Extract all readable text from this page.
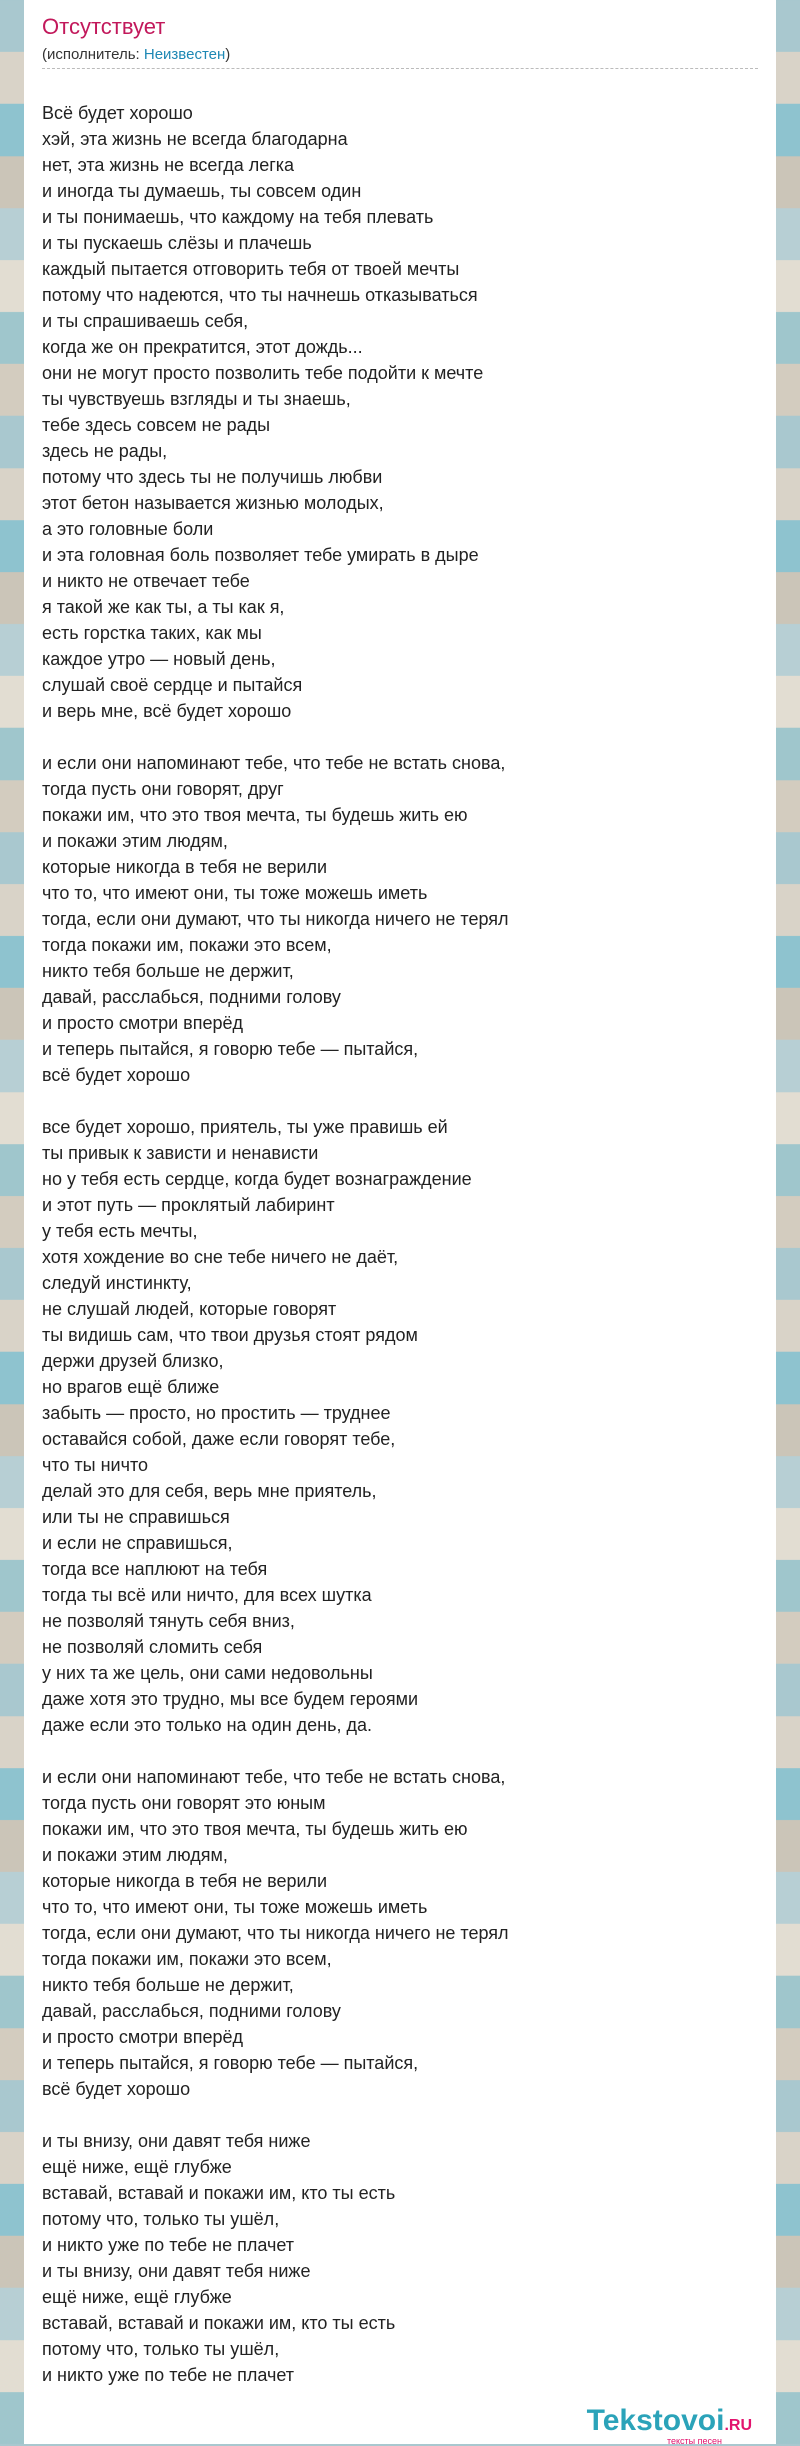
Отсутствует
(исполнитель: Неизвестен)
Всё будет хорошо
хэй, эта жизнь не всегда благодарна
нет, эта жизнь не всегда легка
и иногда ты думаешь, ты совсем один
и ты понимаешь, что каждому на тебя плевать
и ты пускаешь слёзы и плачешь
каждый пытается отговорить тебя от твоей мечты
потому что надеются, что ты начнешь отказываться
и ты спрашиваешь себя,
когда же он прекратится, этот дождь...
они не могут просто позволить тебе подойти к мечте
ты чувствуешь взгляды и ты знаешь,
тебе здесь совсем не рады
здесь не рады,
потому что здесь ты не получишь любви
этот бетон называется жизнью молодых,
а это головные боли
и эта головная боль позволяет тебе умирать в дыре
и никто не отвечает тебе
я такой же как ты, а ты как я,
есть горстка таких, как мы
каждое утро — новый день,
слушай своё сердце и пытайся
и верь мне, всё будет хорошо

и если они напоминают тебе, что тебе не встать снова,
тогда пусть они говорят, друг
покажи им, что это твоя мечта, ты будешь жить ею
и покажи этим людям,
которые никогда в тебя не верили
что то, что имеют они, ты тоже можешь иметь
тогда, если они думают, что ты никогда ничего не терял
тогда покажи им, покажи это всем,
никто тебя больше не держит,
давай, расслабься, подними голову
и просто смотри вперёд
и теперь пытайся, я говорю тебе — пытайся,
всё будет хорошо

все будет хорошо, приятель, ты уже правишь ей
ты привык к зависти и ненависти
но у тебя есть сердце, когда будет вознаграждение
и этот путь — проклятый лабиринт
у тебя есть мечты,
хотя хождение во сне тебе ничего не даёт,
следуй инстинкту,
не слушай людей, которые говорят
ты видишь сам, что твои друзья стоят рядом
держи друзей близко,
но врагов ещё ближе
забыть — просто, но простить — труднее
оставайся собой, даже если говорят тебе,
что ты ничто
делай это для себя, верь мне приятель,
или ты не справишься
и если не справишься,
тогда все наплюют на тебя
тогда ты всё или ничто, для всех шутка
не позволяй тянуть себя вниз,
не позволяй сломить себя
у них та же цель, они сами недовольны
даже хотя это трудно, мы все будем героями
даже если это только на один день, да.

и если они напоминают тебе, что тебе не встать снова,
тогда пусть они говорят это юным
покажи им, что это твоя мечта, ты будешь жить ею
и покажи этим людям,
которые никогда в тебя не верили
что то, что имеют они, ты тоже можешь иметь
тогда, если они думают, что ты никогда ничего не терял
тогда покажи им, покажи это всем,
никто тебя больше не держит,
давай, расслабься, подними голову
и просто смотри вперёд
и теперь пытайся, я говорю тебе — пытайся,
всё будет хорошо

и ты внизу, они давят тебя ниже
ещё ниже, ещё глубже
вставай, вставай и покажи им, кто ты есть
потому что, только ты ушёл,
и никто уже по тебе не плачет
и ты внизу, они давят тебя ниже
ещё ниже, ещё глубже
вставай, вставай и покажи им, кто ты есть
потому что, только ты ушёл,
и никто уже по тебе не плачет
Tekstovoi.RU
тексты песен
